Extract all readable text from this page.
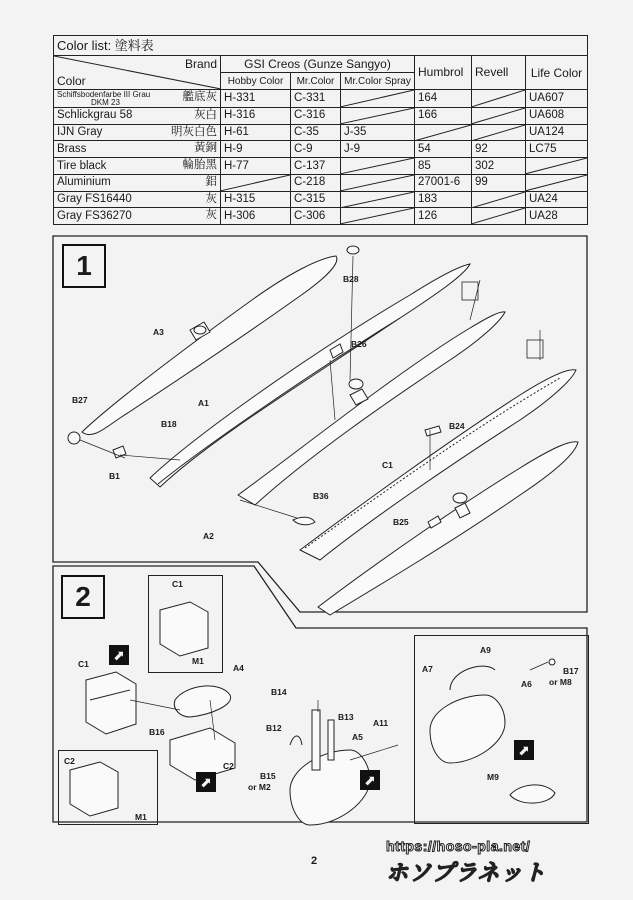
Color list: 塗料表						

Brand
Color	GSI Creos (Gunze Sangyo)			Humbrol	Revell	Life Color
	Hobby Color	Mr.Color	Mr.Color Spray			

Schiffsbodenfarbe III Grau
DKM 23 艦底灰	H-331	C-331		164		UA607
Schlickgrau 58 灰白	H-316	C-316		166		UA608
IJN Gray 明灰白色	H-61	C-35	J-35			UA124
Brass 黃銅	H-9	C-9	J-9	54	92	LC75
Tire black 輪胎黑	H-77	C-137		85	302	

Aluminium 鋁		C-218		27001-6	99	

Gray FS16440 灰	H-315	C-315		183		UA24
Gray FS36270 灰	H-306	C-306		126		UA28
1
2
B28
A3
B26
B27	A1
B18
B1
B24
C1
B36
A2
B25
⬈
⬈	⬈
⬈
C1
M1
C1	A4
B16
C2
C2
M1
B14
B13
B12
A5
A11
B15
or M2
A9
A7
A6
B17
or M8
M9
2
https://hoso-pla.net/
ホソプラネット
